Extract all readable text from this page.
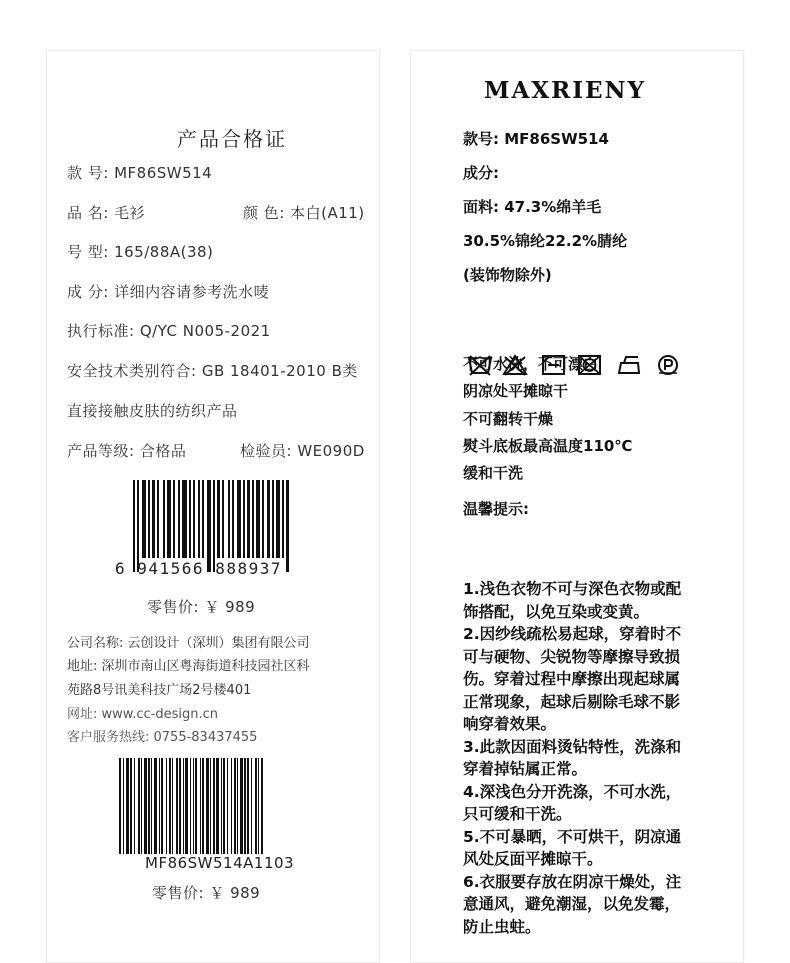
产品合格证
款 号: MF86SW514
品 名: 毛衫	颜 色: 本白(A11)
号 型: 165/88A(38)
成 分: 详细内容请参考洗水唛
执行标准: Q/YC N005-2021
安全技术类别符合: GB 18401-2010 B类
直接接触皮肤的纺织产品
产品等级: 合格品	检验员: WE090D
6 941566 888937
零售价: ￥ 989
公司名称: 云创设计（深圳）集团有限公司
地址: 深圳市南山区粤海街道科技园社区科
苑路8号讯美科技广场2号楼401
网址: www.cc-design.cn
客户服务热线: 0755-83437455
MF86SW514A1103
零售价: ￥ 989
MAXRIENY
款号: MF86SW514
成分:
面料: 47.3%绵羊毛
30.5%锦纶22.2%腈纶
(装饰物除外)
不可水洗，不可漂白
阴凉处平摊晾干
不可翻转干燥
熨斗底板最高温度110℃
缓和干洗
温馨提示:

1.浅色衣物不可与深色衣物或配饰搭配，以免互染或变黄。

2.因纱线疏松易起球，穿着时不可与硬物、尖锐物等摩擦导致损伤。穿着过程中摩擦出现起球属正常现象，起球后剔除毛球不影响穿着效果。

3.此款因面料烫钻特性，洗涤和穿着掉钻属正常。

4.深浅色分开洗涤，不可水洗，只可缓和干洗。

5.不可暴晒，不可烘干，阴凉通风处反面平摊晾干。

6.衣服要存放在阴凉干燥处，注意通风，避免潮湿，以免发霉，防止虫蛀。
